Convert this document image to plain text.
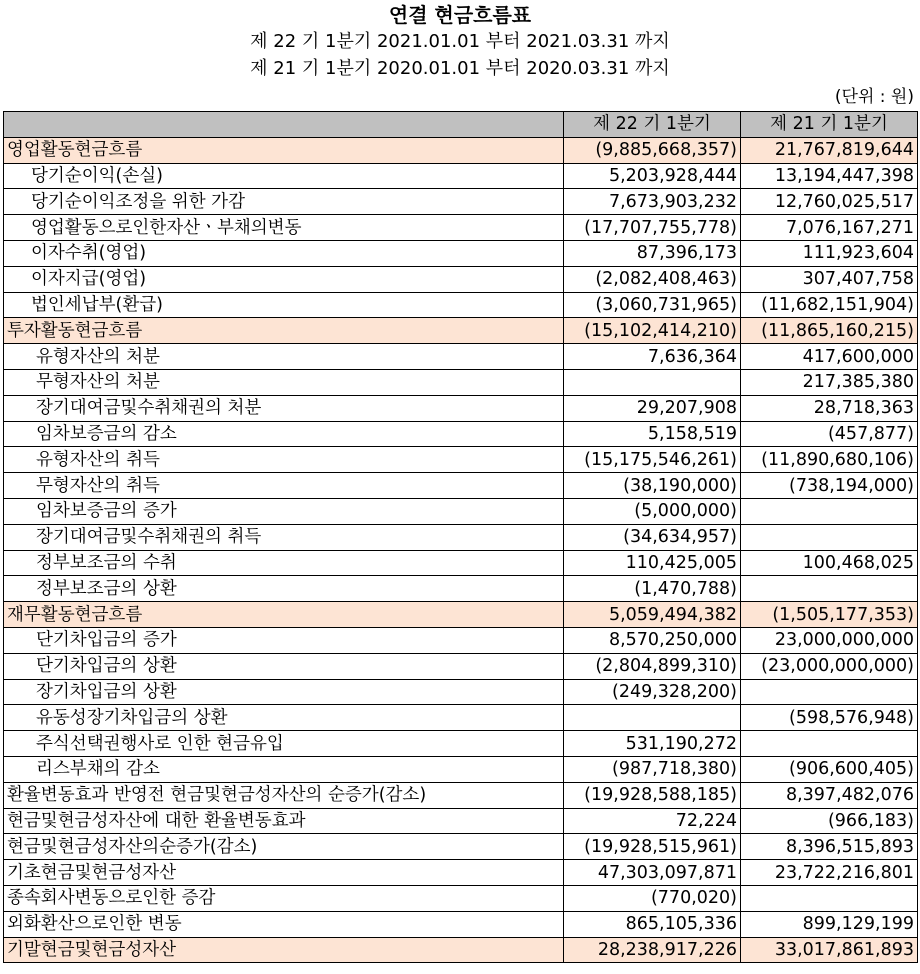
연결 현금흐름표
제 22 기 1분기 2021.01.01 부터 2021.03.31 까지
제 21 기 1분기 2020.01.01 부터 2020.03.31 까지
(단위 : 원)
	제 22 기 1분기	제 21 기 1분기
영업활동현금흐름	(9,885,668,357)	21,767,819,644
당기순이익(손실)	5,203,928,444	13,194,447,398
당기순이익조정을 위한 가감	7,673,903,232	12,760,025,517
영업활동으로인한자산ㆍ부채의변동	(17,707,755,778)	7,076,167,271
이자수취(영업)	87,396,173	111,923,604
이자지급(영업)	(2,082,408,463)	307,407,758
법인세납부(환급)	(3,060,731,965)	(11,682,151,904)
투자활동현금흐름	(15,102,414,210)	(11,865,160,215)
유형자산의 처분	7,636,364	417,600,000
무형자산의 처분		217,385,380
장기대여금및수취채권의 처분	29,207,908	28,718,363
임차보증금의 감소	5,158,519	(457,877)
유형자산의 취득	(15,175,546,261)	(11,890,680,106)
무형자산의 취득	(38,190,000)	(738,194,000)
임차보증금의 증가	(5,000,000)	
장기대여금및수취채권의 취득	(34,634,957)	
정부보조금의 수취	110,425,005	100,468,025
정부보조금의 상환	(1,470,788)	
재무활동현금흐름	5,059,494,382	(1,505,177,353)
단기차입금의 증가	8,570,250,000	23,000,000,000
단기차입금의 상환	(2,804,899,310)	(23,000,000,000)
장기차입금의 상환	(249,328,200)	
유동성장기차입금의 상환		(598,576,948)
주식선택권행사로 인한 현금유입	531,190,272	
리스부채의 감소	(987,718,380)	(906,600,405)
환율변동효과 반영전 현금및현금성자산의 순증가(감소)	(19,928,588,185)	8,397,482,076
현금및현금성자산에 대한 환율변동효과	72,224	(966,183)
현금및현금성자산의순증가(감소)	(19,928,515,961)	8,396,515,893
기초현금및현금성자산	47,303,097,871	23,722,216,801
종속회사변동으로인한 증감	(770,020)	
외화환산으로인한 변동	865,105,336	899,129,199
기말현금및현금성자산	28,238,917,226	33,017,861,893
